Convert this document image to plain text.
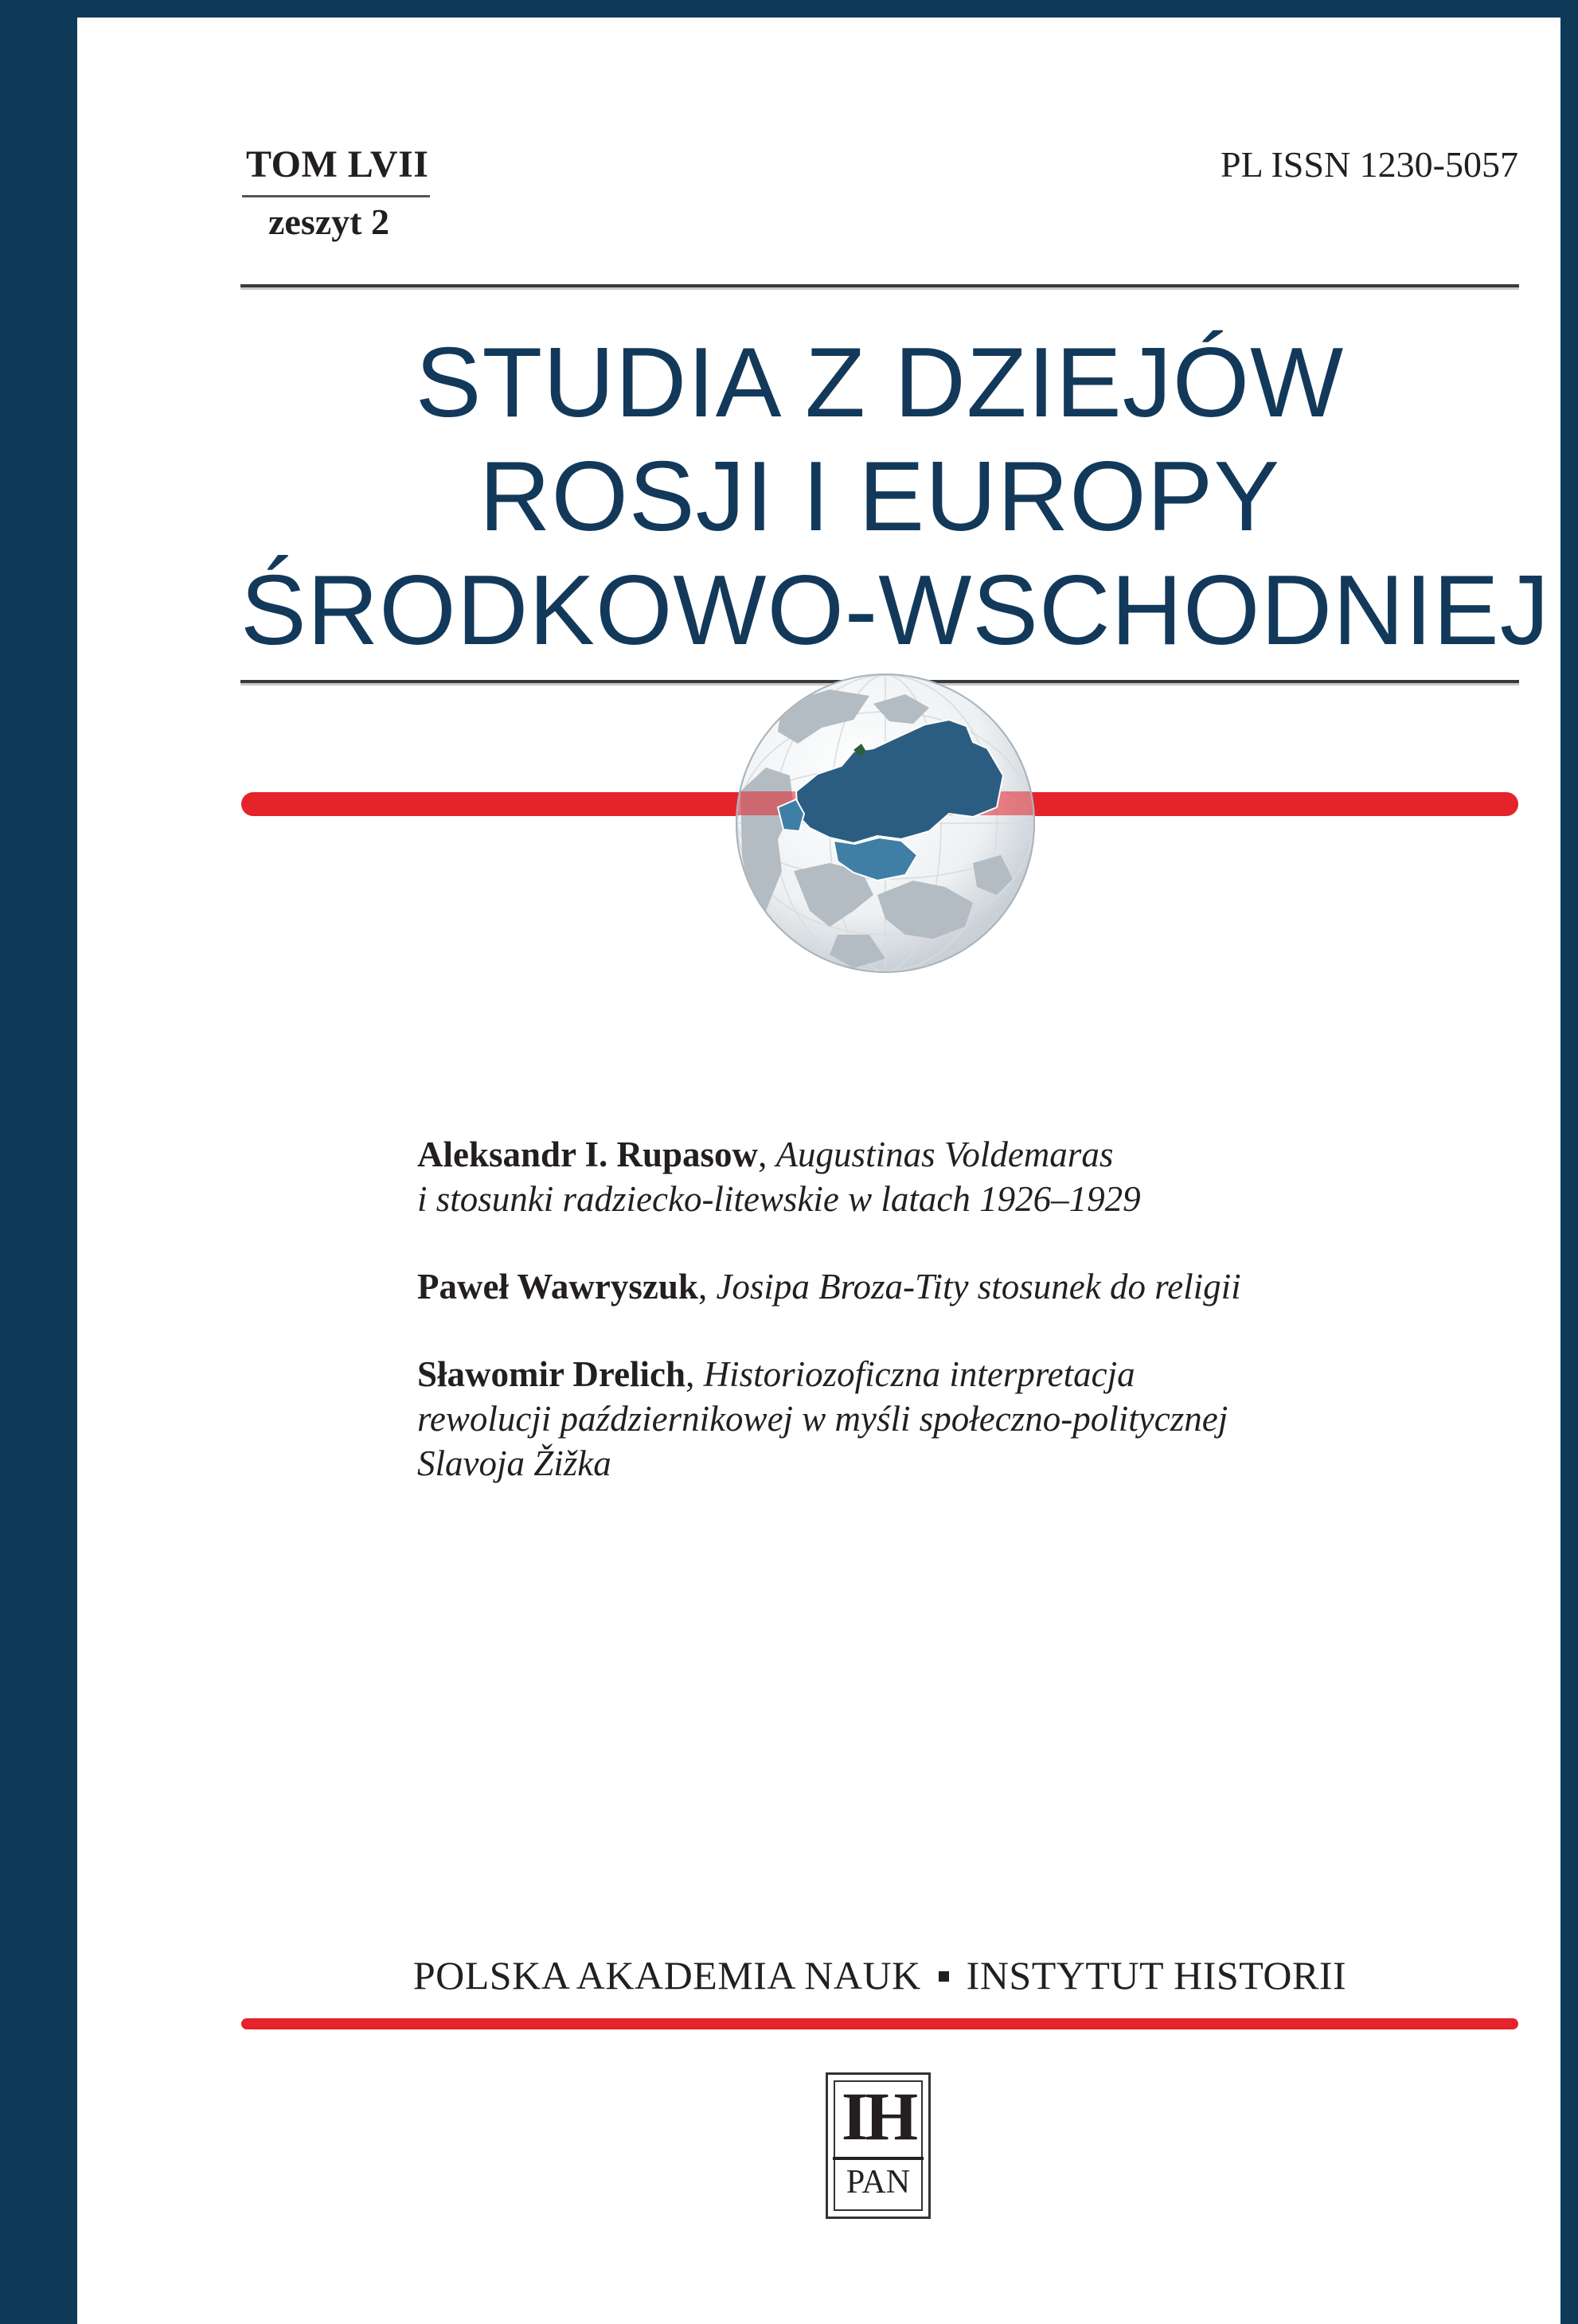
TOM LVII
zeszyt 2
PL ISSN 1230-5057
STUDIA Z DZIEJÓW
ROSJI I EUROPY
ŚRODKOWO-WSCHODNIEJ
Aleksandr I. Rupasow, Augustinas Voldemaras
i stosunki radziecko-litewskie w latach 1926–1929
Paweł Wawryszuk, Josipa Broza-Tity stosunek do religii
Sławomir Drelich, Historiozoficzna interpretacja
rewolucji październikowej w myśli społeczno-politycznej
Slavoja Žižka
POLSKA AKADEMIA NAUK INSTYTUT HISTORII
IH
PAN
